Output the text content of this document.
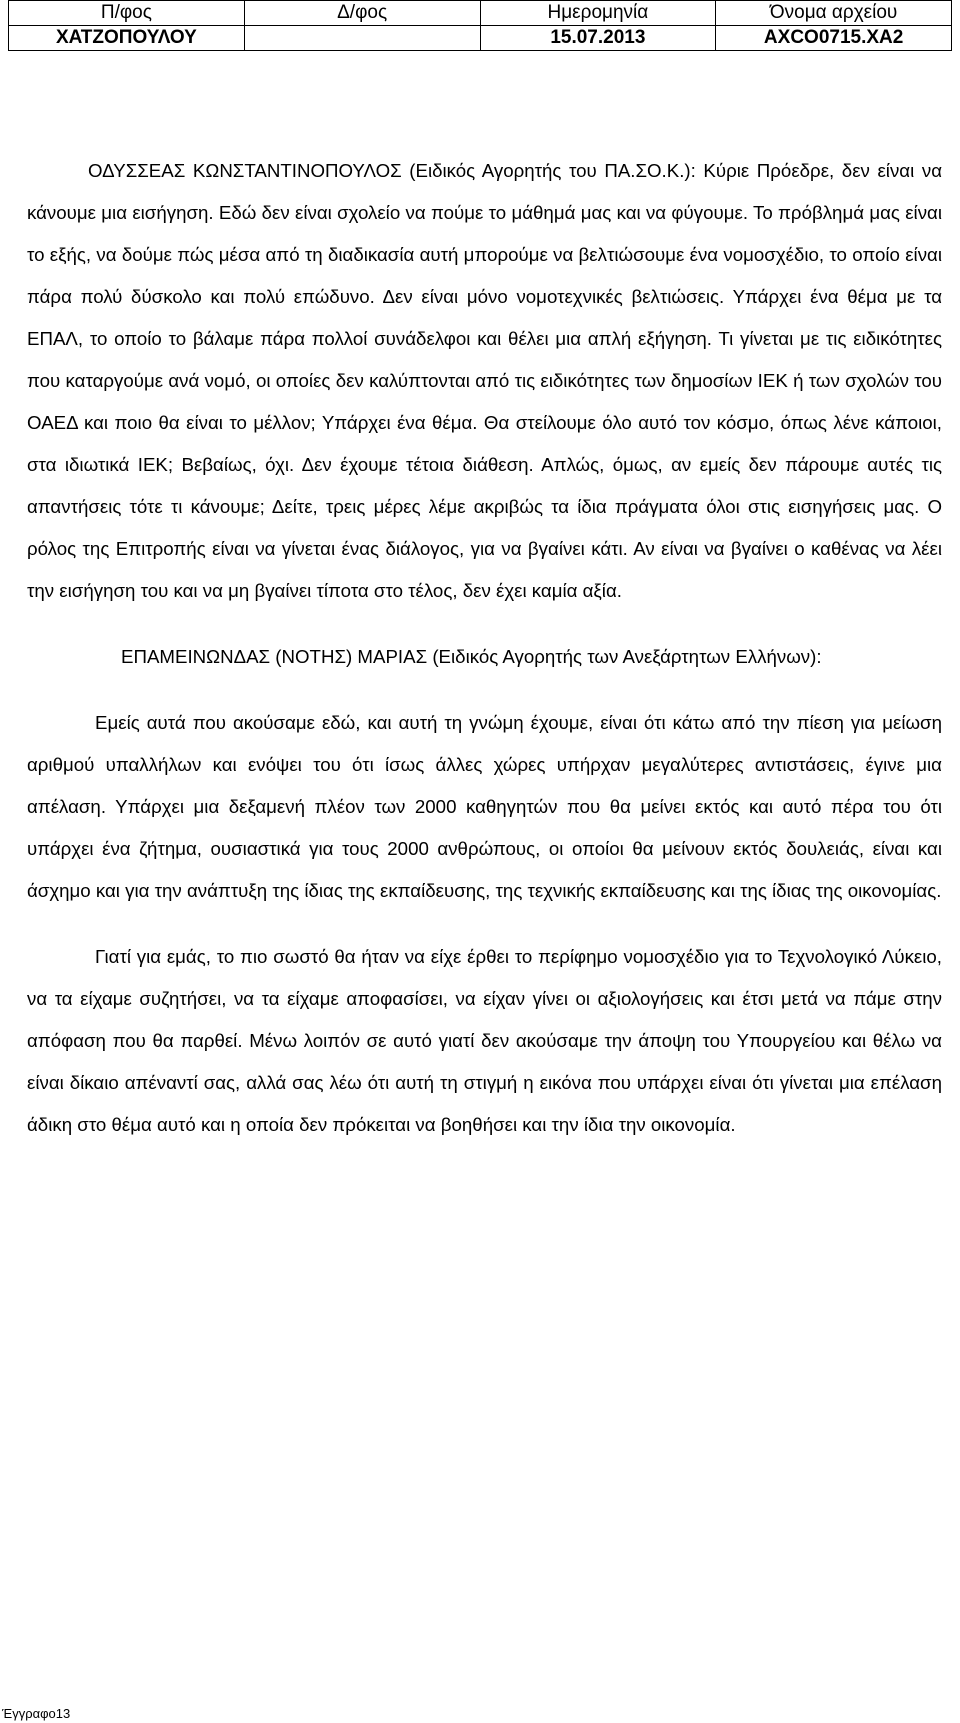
Π/φος	Δ/φος	Ημερομηνία	Όνομα αρχείου
ΧΑΤΖΟΠΟΥΛΟΥ		15.07.2013	ΑΧCΟ0715.ΧΑ2

ΟΔΥΣΣΕΑΣ ΚΩΝΣΤΑΝΤΙΝΟΠΟΥΛΟΣ (Ειδικός Αγορητής του ΠΑ.ΣΟ.Κ.): Κύριε Πρόεδρε, δεν είναι να κάνουμε μια εισήγηση. Εδώ δεν είναι σχολείο να πούμε το μάθημά μας και να φύγουμε. Το πρόβλημά μας είναι το εξής, να δούμε πώς μέσα από τη διαδικασία αυτή μπορούμε να βελτιώσουμε ένα νομοσχέδιο, το οποίο είναι πάρα πολύ δύσκολο και πολύ επώδυνο. Δεν είναι μόνο νομοτεχνικές βελτιώσεις. Υπάρχει ένα θέμα με τα ΕΠΑΛ, το οποίο το βάλαμε πάρα πολλοί συνάδελφοι και θέλει μια απλή εξήγηση. Τι γίνεται με τις ειδικότητες που καταργούμε ανά νομό, οι οποίες δεν καλύπτονται από τις ειδικότητες των δημοσίων ΙΕΚ ή των σχολών του ΟΑΕΔ και ποιο θα είναι το μέλλον; Υπάρχει ένα θέμα. Θα στείλουμε όλο αυτό τον κόσμο, όπως λένε κάποιοι, στα ιδιωτικά ΙΕΚ; Βεβαίως, όχι. Δεν έχουμε τέτοια διάθεση. Απλώς, όμως, αν εμείς δεν πάρουμε αυτές τις απαντήσεις τότε τι κάνουμε; Δείτε, τρεις μέρες λέμε ακριβώς τα ίδια πράγματα όλοι στις εισηγήσεις μας. Ο ρόλος της Επιτροπής είναι να γίνεται ένας διάλογος, για να βγαίνει κάτι. Αν είναι να βγαίνει ο καθένας να λέει την εισήγηση του και να μη βγαίνει τίποτα στο τέλος, δεν έχει καμία αξία.

ΕΠΑΜΕΙΝΩΝΔΑΣ (ΝΟΤΗΣ) ΜΑΡΙΑΣ (Ειδικός Αγορητής των Ανεξάρτητων Ελλήνων):

Εμείς αυτά που ακούσαμε εδώ, και αυτή τη γνώμη έχουμε, είναι ότι κάτω από την πίεση για μείωση αριθμού υπαλλήλων και ενόψει του ότι ίσως άλλες χώρες υπήρχαν μεγαλύτερες αντιστάσεις, έγινε μια απέλαση. Υπάρχει μια δεξαμενή πλέον των 2000 καθηγητών που θα μείνει εκτός και αυτό πέρα του ότι υπάρχει ένα ζήτημα, ουσιαστικά για τους 2000 ανθρώπους, οι οποίοι θα μείνουν εκτός δουλειάς, είναι και άσχημο και για την ανάπτυξη της ίδιας της εκπαίδευσης, της τεχνικής εκπαίδευσης και της ίδιας της οικονομίας.

Γιατί για εμάς, το πιο σωστό θα ήταν να είχε έρθει το περίφημο νομοσχέδιο για το Τεχνολογικό Λύκειο, να τα είχαμε συζητήσει, να τα είχαμε αποφασίσει, να είχαν γίνει οι αξιολογήσεις και έτσι μετά να πάμε στην απόφαση που θα παρθεί. Μένω λοιπόν σε αυτό γιατί δεν ακούσαμε την άποψη του Υπουργείου και θέλω να είναι δίκαιο απέναντί σας, αλλά σας λέω ότι αυτή τη στιγμή η εικόνα που υπάρχει είναι ότι γίνεται μια επέλαση άδικη στο θέμα αυτό και η οποία δεν πρόκειται να βοηθήσει και την ίδια την οικονομία.

Έγγραφο13
